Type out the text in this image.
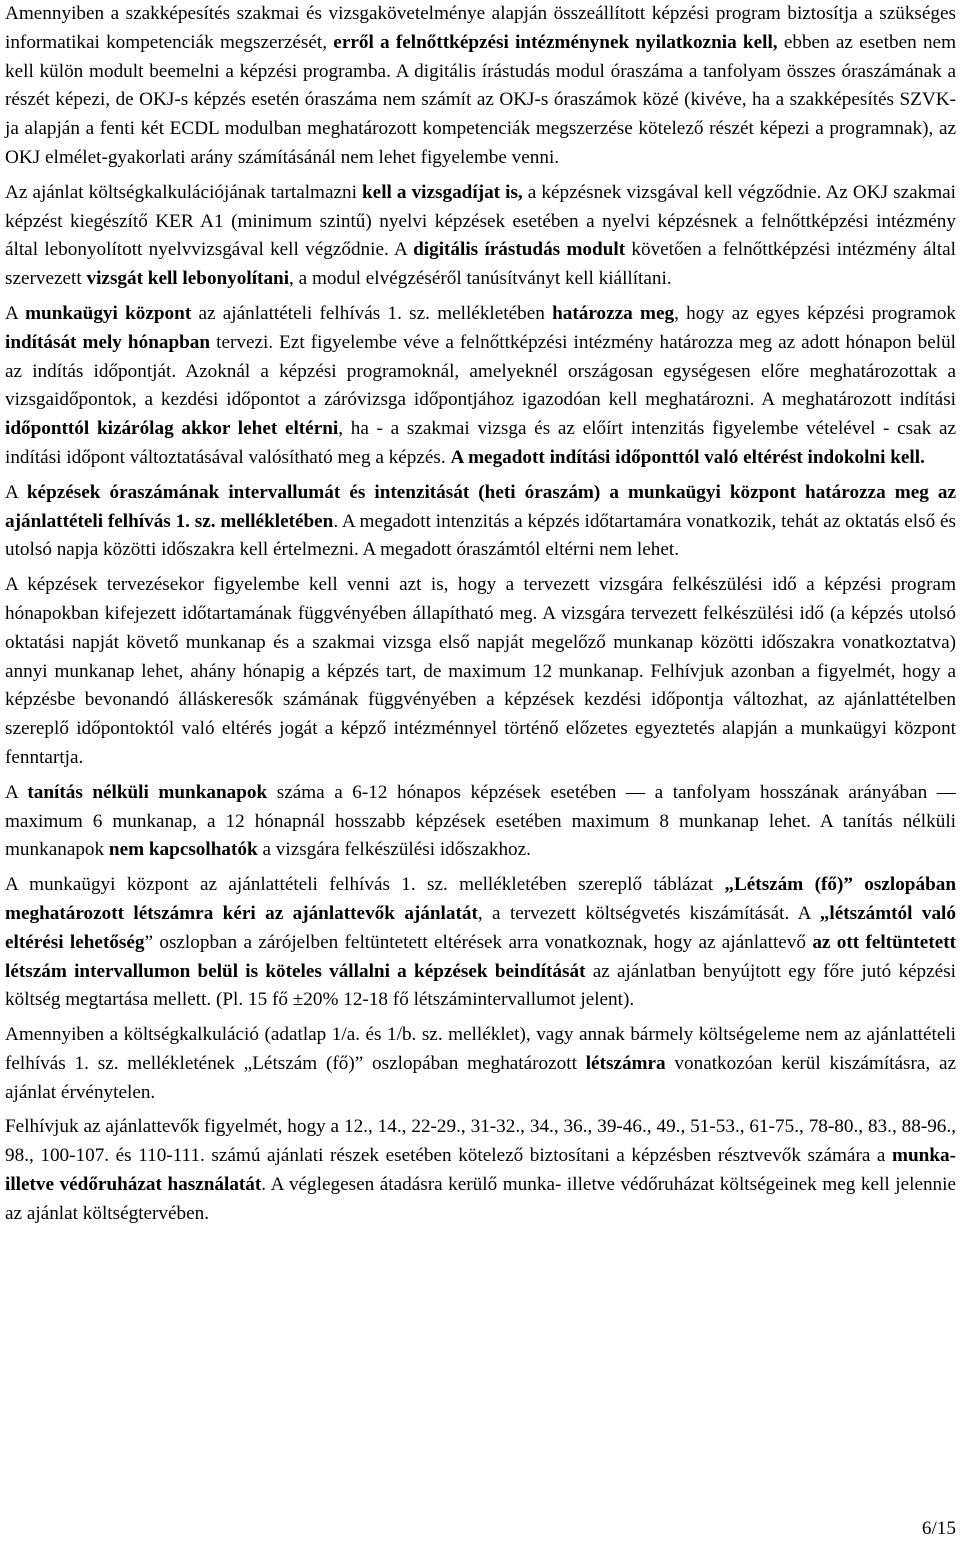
Amennyiben a szakképesítés szakmai és vizsgakövetelménye alapján összeállított képzési program biztosítja a szükséges informatikai kompetenciák megszerzését, erről a felnőttképzési intézménynek nyilatkoznia kell, ebben az esetben nem kell külön modult beemelni a képzési programba. A digitális írástudás modul óraszáma a tanfolyam összes óraszámának a részét képezi, de OKJ-s képzés esetén óraszáma nem számít az OKJ-s óraszámok közé (kivéve, ha a szakképesítés SZVK-ja alapján a fenti két ECDL modulban meghatározott kompetenciák megszerzése kötelező részét képezi a programnak), az OKJ elmélet-gyakorlati arány számításánál nem lehet figyelembe venni.

Az ajánlat költségkalkulációjának tartalmazni kell a vizsgadíjat is, a képzésnek vizsgával kell végződnie. Az OKJ szakmai képzést kiegészítő KER A1 (minimum szintű) nyelvi képzések esetében a nyelvi képzésnek a felnőttképzési intézmény által lebonyolított nyelvvizsgával kell végződnie. A digitális írástudás modult követően a felnőttképzési intézmény által szervezett vizsgát kell lebonyolítani, a modul elvégzéséről tanúsítványt kell kiállítani.

A munkaügyi központ az ajánlattételi felhívás 1. sz. mellékletében határozza meg, hogy az egyes képzési programok indítását mely hónapban tervezi. Ezt figyelembe véve a felnőttképzési intézmény határozza meg az adott hónapon belül az indítás időpontját. Azoknál a képzési programoknál, amelyeknél országosan egységesen előre meghatározottak a vizsgaidőpontok, a kezdési időpontot a záróvizsga időpontjához igazodóan kell meghatározni. A meghatározott indítási időponttól kizárólag akkor lehet eltérni, ha - a szakmai vizsga és az előírt intenzitás figyelembe vételével - csak az indítási időpont változtatásával valósítható meg a képzés. A megadott indítási időponttól való eltérést indokolni kell.

A képzések óraszámának intervallumát és intenzitását (heti óraszám) a munkaügyi központ határozza meg az ajánlattételi felhívás 1. sz. mellékletében. A megadott intenzitás a képzés időtartamára vonatkozik, tehát az oktatás első és utolsó napja közötti időszakra kell értelmezni. A megadott óraszámtól eltérni nem lehet.

A képzések tervezésekor figyelembe kell venni azt is, hogy a tervezett vizsgára felkészülési idő a képzési program hónapokban kifejezett időtartamának függvényében állapítható meg. A vizsgára tervezett felkészülési idő (a képzés utolsó oktatási napját követő munkanap és a szakmai vizsga első napját megelőző munkanap közötti időszakra vonatkoztatva) annyi munkanap lehet, ahány hónapig a képzés tart, de maximum 12 munkanap. Felhívjuk azonban a figyelmét, hogy a képzésbe bevonandó álláskeresők számának függvényében a képzések kezdési időpontja változhat, az ajánlattételben szereplő időpontoktól való eltérés jogát a képző intézménnyel történő előzetes egyeztetés alapján a munkaügyi központ fenntartja.

A tanítás nélküli munkanapok száma a 6-12 hónapos képzések esetében — a tanfolyam hosszának arányában — maximum 6 munkanap, a 12 hónapnál hosszabb képzések esetében maximum 8 munkanap lehet. A tanítás nélküli munkanapok nem kapcsolhatók a vizsgára felkészülési időszakhoz.

A munkaügyi központ az ajánlattételi felhívás 1. sz. mellékletében szereplő táblázat „Létszám (fő)” oszlopában meghatározott létszámra kéri az ajánlattevők ajánlatát, a tervezett költségvetés kiszámítását. A „létszámtól való eltérési lehetőség” oszlopban a zárójelben feltüntetett eltérések arra vonatkoznak, hogy az ajánlattevő az ott feltüntetett létszám intervallumon belül is köteles vállalni a képzések beindítását az ajánlatban benyújtott egy főre jutó képzési költség megtartása mellett. (Pl. 15 fő ±20% 12-18 fő létszámintervallumot jelent).

Amennyiben a költségkalkuláció (adatlap 1/a. és 1/b. sz. melléklet), vagy annak bármely költségeleme nem az ajánlattételi felhívás 1. sz. mellékletének „Létszám (fő)” oszlopában meghatározott létszámra vonatkozóan kerül kiszámításra, az ajánlat érvénytelen.

Felhívjuk az ajánlattevők figyelmét, hogy a 12., 14., 22-29., 31-32., 34., 36., 39-46., 49., 51-53., 61-75., 78-80., 83., 88-96., 98., 100-107. és 110-111. számú ajánlati részek esetében kötelező biztosítani a képzésben résztvevők számára a munka- illetve védőruházat használatát. A véglegesen átadásra kerülő munka- illetve védőruházat költségeinek meg kell jelennie az ajánlat költségtervében.

6/15
